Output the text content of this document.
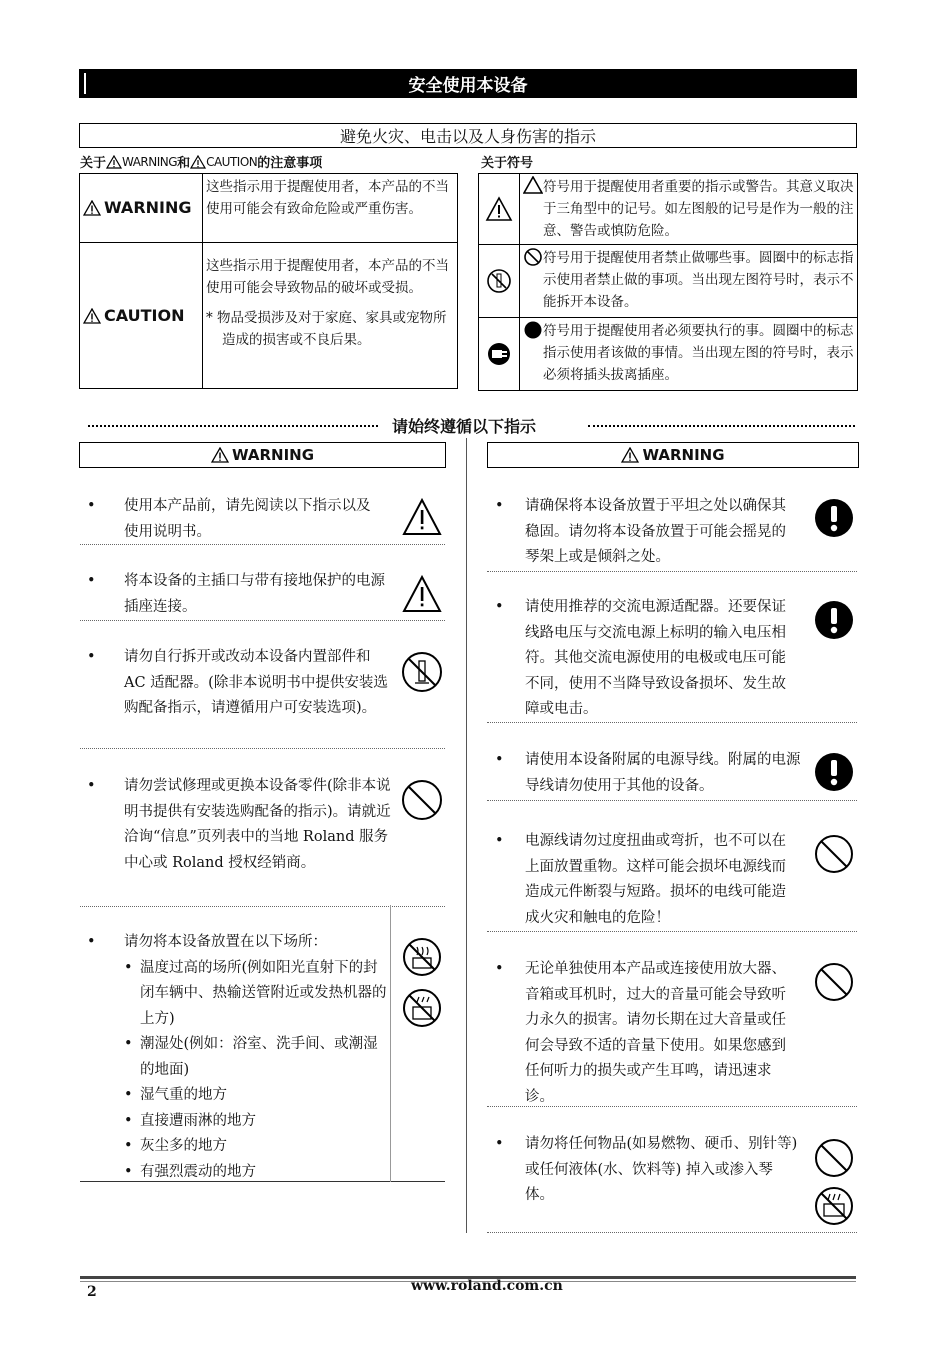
安全使用本设备
避免火灾、电击以及人身伤害的指示
关于 WARNING 和 CAUTION 的注意事项	关于符号
WARNING	这些指示用于提醒使用者，本产品的不当使用可能会有致命危险或严重伤害。

CAUTION	这些指示用于提醒使用者，本产品的不当使用可能会导致物品的破坏或受损。
* 物品受损涉及对于家庭、家具或宠物所造成的损害或不良后果。

符号用于提醒使用者重要的指示或警告。其意义取决于三角型中的记号。如左图般的记号是作为一般的注意、警告或慎防危险。

符号用于提醒使用者禁止做哪些事。圆圈中的标志指示使用者禁止做的事项。当出现左图符号时，表示不能拆开本设备。

符号用于提醒使用者必须要执行的事。圆圈中的标志指示使用者该做的事情。当出现左图的符号时，表示必须将插头拔离插座。
请始终遵循以下指示
WARNING	WARNING
• 使用本产品前，请先阅读以下指示以及使用说明书。
• 将本设备的主插口与带有接地保护的电源插座连接。
• 请勿自行拆开或改动本设备内置部件和 AC 适配器。(除非本说明书中提供安装选购配备指示，请遵循用户可安装选项)。
• 请勿尝试修理或更换本设备零件(除非本说明书提供有安装选购配备的指示)。请就近洽询“信息”页列表中的当地 Roland 服务中心或 Roland 授权经销商。
• 请勿将本设备放置在以下场所：
• 温度过高的场所(例如阳光直射下的封闭车辆中、热输送管附近或发热机器的上方)
• 潮湿处(例如：浴室、洗手间、或潮湿的地面)
• 湿气重的地方
• 直接遭雨淋的地方
• 灰尘多的地方
• 有强烈震动的地方
• 请确保将本设备放置于平坦之处以确保其稳固。请勿将本设备放置于可能会摇晃的琴架上或是倾斜之处。
• 请使用推荐的交流电源适配器。还要保证线路电压与交流电源上标明的输入电压相符。其他交流电源使用的电极或电压可能不同，使用不当降导致设备损坏、发生故障或电击。
• 请使用本设备附属的电源导线。附属的电源导线请勿使用于其他的设备。
• 电源线请勿过度扭曲或弯折，也不可以在上面放置重物。这样可能会损坏电源线而造成元件断裂与短路。损坏的电线可能造成火灾和触电的危险！
• 无论单独使用本产品或连接使用放大器、音箱或耳机时，过大的音量可能会导致听力永久的损害。请勿长期在过大音量或任何会导致不适的音量下使用。如果您感到任何听力的损失或产生耳鸣，请迅速求诊。
• 请勿将任何物品(如易燃物、硬币、别针等)或任何液体(水、饮料等) 掉入或渗入琴体。
2	www.roland.com.cn
